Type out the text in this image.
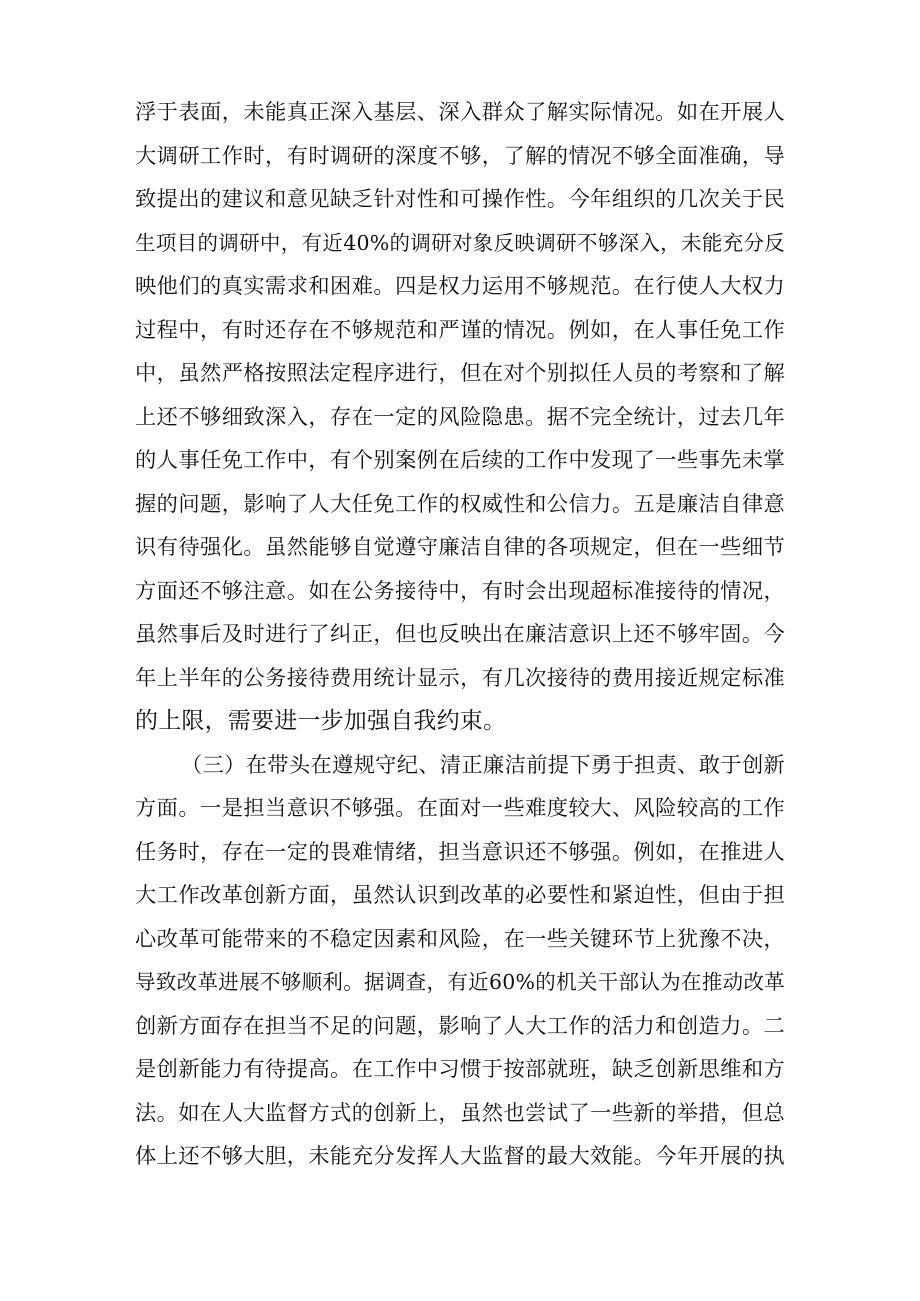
浮于表面，未能真正深入基层、深入群众了解实际情况。如在开展人
大调研工作时，有时调研的深度不够，了解的情况不够全面准确，导
致提出的建议和意见缺乏针对性和可操作性。今年组织的几次关于民
生项目的调研中，有近40%的调研对象反映调研不够深入，未能充分反
映他们的真实需求和困难。四是权力运用不够规范。在行使人大权力
过程中，有时还存在不够规范和严谨的情况。例如，在人事任免工作
中，虽然严格按照法定程序进行，但在对个别拟任人员的考察和了解
上还不够细致深入，存在一定的风险隐患。据不完全统计，过去几年
的人事任免工作中，有个别案例在后续的工作中发现了一些事先未掌
握的问题，影响了人大任免工作的权威性和公信力。五是廉洁自律意
识有待强化。虽然能够自觉遵守廉洁自律的各项规定，但在一些细节
方面还不够注意。如在公务接待中，有时会出现超标准接待的情况，
虽然事后及时进行了纠正，但也反映出在廉洁意识上还不够牢固。今
年上半年的公务接待费用统计显示，有几次接待的费用接近规定标准
的上限，需要进一步加强自我约束。

（三）在带头在遵规守纪、清正廉洁前提下勇于担责、敢于创新
方面。一是担当意识不够强。在面对一些难度较大、风险较高的工作
任务时，存在一定的畏难情绪，担当意识还不够强。例如，在推进人
大工作改革创新方面，虽然认识到改革的必要性和紧迫性，但由于担
心改革可能带来的不稳定因素和风险，在一些关键环节上犹豫不决，
导致改革进展不够顺利。据调查，有近60%的机关干部认为在推动改革
创新方面存在担当不足的问题，影响了人大工作的活力和创造力。二
是创新能力有待提高。在工作中习惯于按部就班，缺乏创新思维和方
法。如在人大监督方式的创新上，虽然也尝试了一些新的举措，但总
体上还不够大胆，未能充分发挥人大监督的最大效能。今年开展的执
